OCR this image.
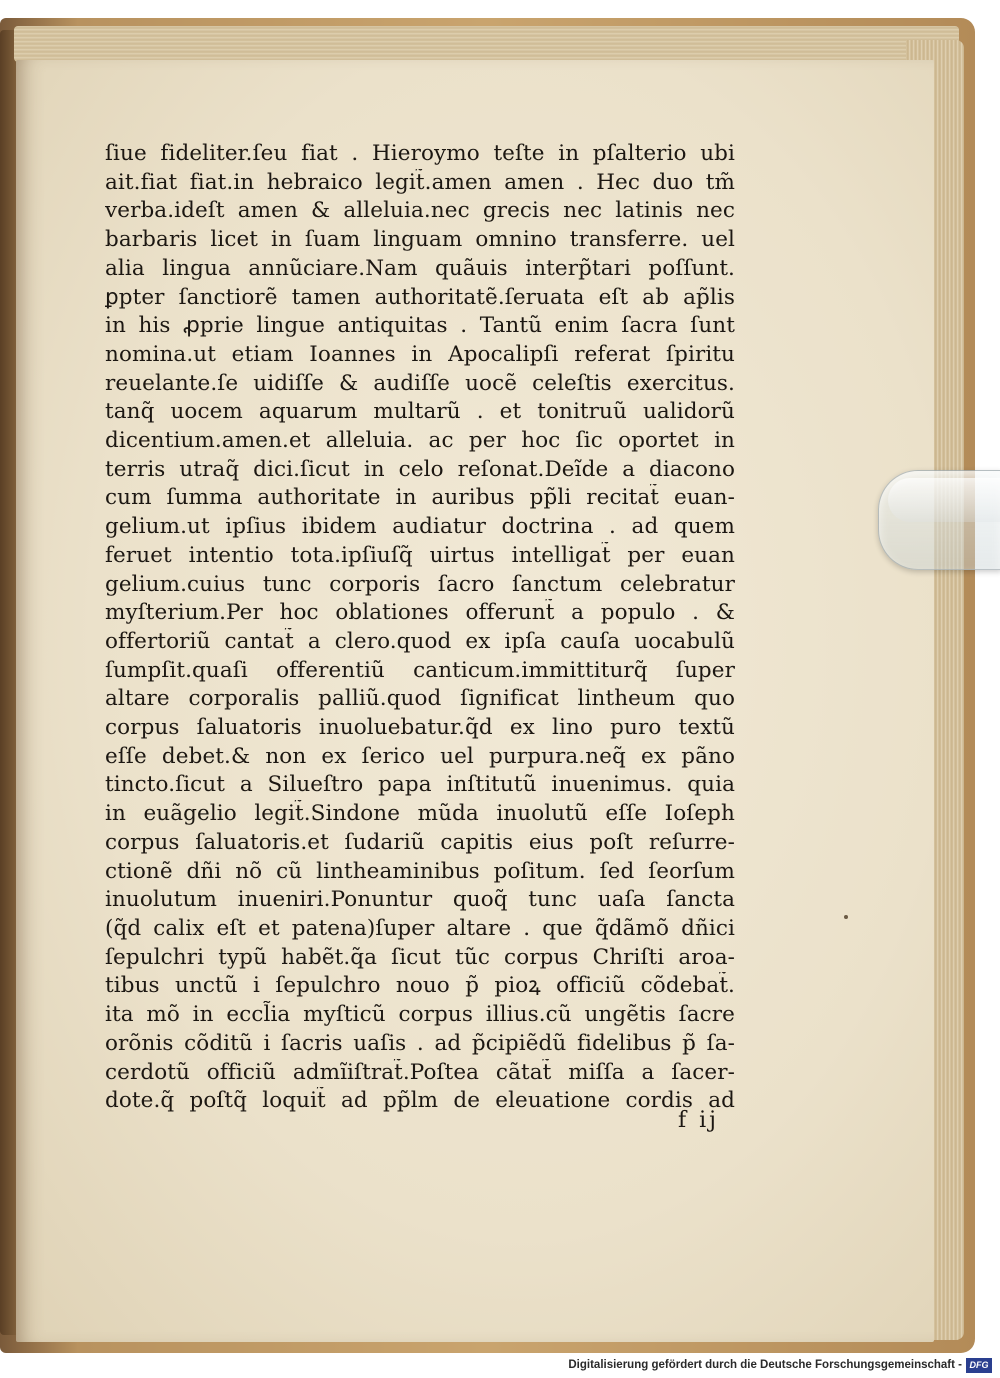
ſiue fideliter.ſeu fiat . Hieroymo teſte in pſalterio ubi
ait.fiat fiat.in hebraico legit̃.amen amen . Hec duo tm̃
verba.ideſt amen & alleluia.nec grecis nec latinis nec
barbaris licet in ſuam linguam omnino transferre. uel
alia lingua annũciare.Nam quãuis interp̃tari poſſunt.
ꝑpter ſanctiorẽ tamen authoritatẽ.ſeruata eſt ab ap̃lis
in his ꝓprie lingue antiquitas . Tantũ enim ſacra ſunt
nomina.ut etiam Ioannes in Apocalipſi referat ſpiritu
reuelante.ſe uidiſſe & audiſſe uocẽ celeſtis exercitus.
tanq̃ uocem aquarum multarũ . et tonitruũ ualidorũ
dicentium.amen.et alleluia. ac per hoc ſic oportet in
terris utraq̃ dici.ſicut in celo reſonat.Deĩde a diacono
cum ſumma authoritate in auribus pp̃li recitat̃ euan-
gelium.ut ipſius ibidem audiatur doctrina . ad quem
feruet intentio tota.ipſiuſq̃ uirtus intelligat̃ per euan
gelium.cuius tunc corporis ſacro ſanctum celebratur
myſterium.Per hoc oblationes offerunt̃ a populo . &
offertoriũ cantat̃ a clero.quod ex ipſa cauſa uocabulũ
ſumpſit.quaſi offerentiũ canticum.immittiturq̃ ſuper
altare corporalis palliũ.quod ſignificat lintheum quo
corpus ſaluatoris inuoluebatur.q̃d ex lino puro textũ
eſſe debet.& non ex ſerico uel purpura.neq̃ ex pãno
tincto.ſicut a Silueſtro papa inſtitutũ inuenimus. quia
in euãgelio legit̃.Sindone mũda inuolutũ eſſe Ioſeph
corpus ſaluatoris.et ſudariũ capitis eius poſt reſurre-
ctionẽ dñi nõ cũ lintheaminibus poſitum. ſed ſeorſum
inuolutum inueniri.Ponuntur quoq̃ tunc uaſa ſancta
(q̃d calix eſt et patena)ſuper altare . que q̃dãmõ dñici
ſepulchri typũ habẽt.q̃a ſicut tũc corpus Chriſti aroa-
tibus unctũ i ſepulchro nouo p̃ pioꝝ officiũ cõdebat̃.
ita mõ in eccl̃ia myſticũ corpus illius.cũ ungẽtis ſacre
orõnis cõditũ i ſacris uaſis . ad p̃cipiẽdũ fidelibus p̃ ſa-
cerdotũ officiũ admĩiſtrat̃.Poſtea cãtat̃ miſſa a ſacer-
dote.q̃ poſtq̃ loquit̃ ad pp̃lm de eleuatione cordis ad
f ij
Digitalisierung gefördert durch die Deutsche Forschungsgemeinschaft - DFG
